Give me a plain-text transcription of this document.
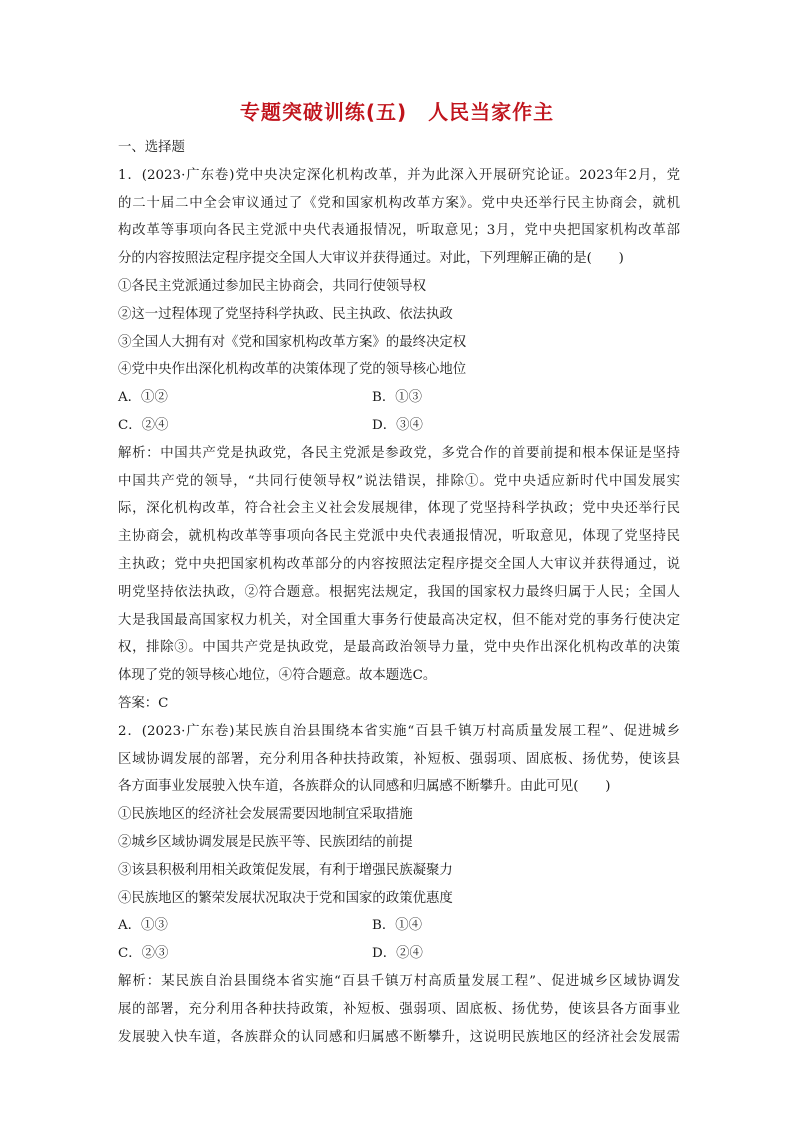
专题突破训练(五)　人民当家作主
一、选择题
1．(2023·广东卷)党中央决定深化机构改革，并为此深入开展研究论证。2023年2月，党
的二十届二中全会审议通过了《党和国家机构改革方案》。党中央还举行民主协商会，就机
构改革等事项向各民主党派中央代表通报情况，听取意见；3月，党中央把国家机构改革部
分的内容按照法定程序提交全国人大审议并获得通过。对此，下列理解正确的是(　　)
①各民主党派通过参加民主协商会，共同行使领导权
②这一过程体现了党坚持科学执政、民主执政、依法执政
③全国人大拥有对《党和国家机构改革方案》的最终决定权
④党中央作出深化机构改革的决策体现了党的领导核心地位
A．①②	B．①③
C．②④	D．③④
解析：中国共产党是执政党，各民主党派是参政党，多党合作的首要前提和根本保证是坚持
中国共产党的领导，“共同行使领导权”说法错误，排除①。党中央适应新时代中国发展实
际，深化机构改革，符合社会主义社会发展规律，体现了党坚持科学执政；党中央还举行民
主协商会，就机构改革等事项向各民主党派中央代表通报情况，听取意见，体现了党坚持民
主执政；党中央把国家机构改革部分的内容按照法定程序提交全国人大审议并获得通过，说
明党坚持依法执政，②符合题意。根据宪法规定，我国的国家权力最终归属于人民；全国人
大是我国最高国家权力机关，对全国重大事务行使最高决定权，但不能对党的事务行使决定
权，排除③。中国共产党是执政党，是最高政治领导力量，党中央作出深化机构改革的决策
体现了党的领导核心地位，④符合题意。故本题选C。
答案：C
2．(2023·广东卷)某民族自治县围绕本省实施“百县千镇万村高质量发展工程”、促进城乡
区域协调发展的部署，充分利用各种扶持政策，补短板、强弱项、固底板、扬优势，使该县
各方面事业发展驶入快车道，各族群众的认同感和归属感不断攀升。由此可见(　　)
①民族地区的经济社会发展需要因地制宜采取措施
②城乡区域协调发展是民族平等、民族团结的前提
③该县积极利用相关政策促发展，有利于增强民族凝聚力
④民族地区的繁荣发展状况取决于党和国家的政策优惠度
A．①③	B．①④
C．②③	D．②④
解析：某民族自治县围绕本省实施“百县千镇万村高质量发展工程”、促进城乡区域协调发
展的部署，充分利用各种扶持政策，补短板、强弱项、固底板、扬优势，使该县各方面事业
发展驶入快车道，各族群众的认同感和归属感不断攀升，这说明民族地区的经济社会发展需
